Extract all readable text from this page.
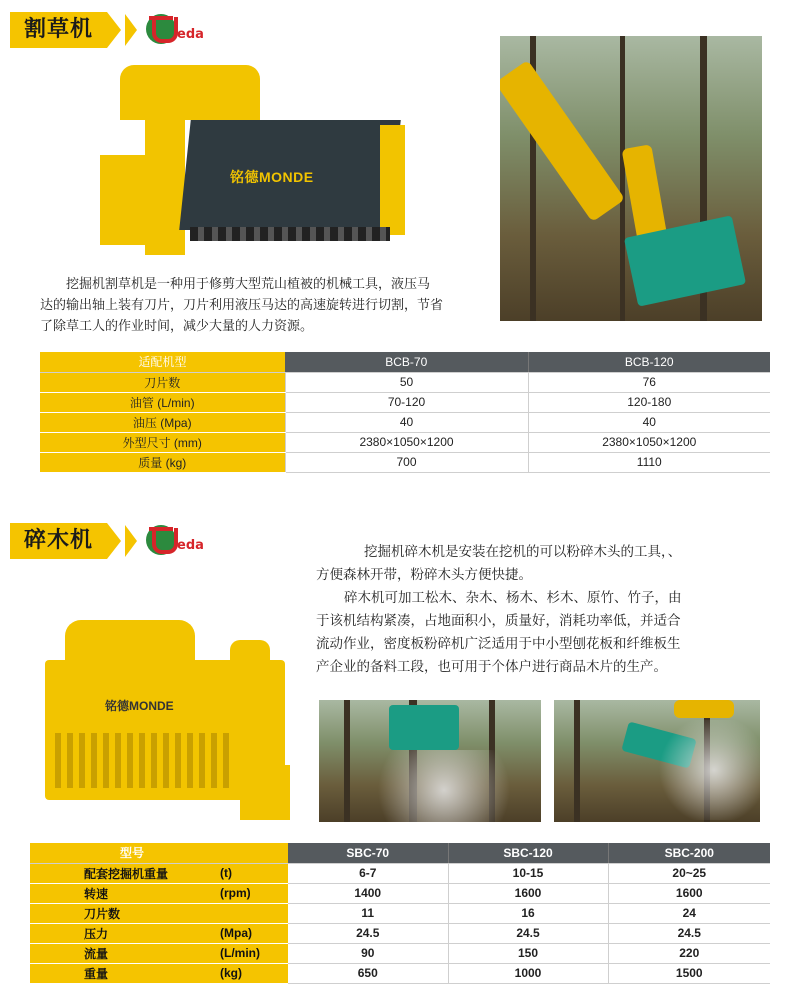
割草机	eda
铭德MONDE
挖掘机割草机是一种用于修剪大型荒山植被的机械工具，液压马
达的输出轴上装有刀片，刀片利用液压马达的高速旋转进行切割，节省
了除草工人的作业时间，减少大量的人力资源。
适配机型	BCB-70	BCB-120
刀片数	50	76
油管 (L/min)	70-120	120-180
油压 (Mpa)	40	40
外型尺寸 (mm)	2380×1050×1200	2380×1050×1200
质量 (kg)	700	1110
碎木机	eda	挖掘机碎木机是安装在挖机的可以粉碎木头的工具，、
方便森林开带，粉碎木头方便快捷。
碎木机可加工松木、杂木、杨木、杉木、原竹、竹子，由
于该机结构紧凑，占地面积小，质量好，消耗功率低，并适合
流动作业，密度板粉碎机广泛适用于中小型刨花板和纤维板生
产企业的备料工段，也可用于个体户进行商品木片的生产。
铭德MONDE
型号		SBC-70	SBC-120	SBC-200
配套挖掘机重量	(t)	6-7	10-15	20~25
转速	(rpm)	1400	1600	1600
刀片数		11	16	24
压力	(Mpa)	24.5	24.5	24.5
流量	(L/min)	90	150	220
重量	(kg)	650	1000	1500
